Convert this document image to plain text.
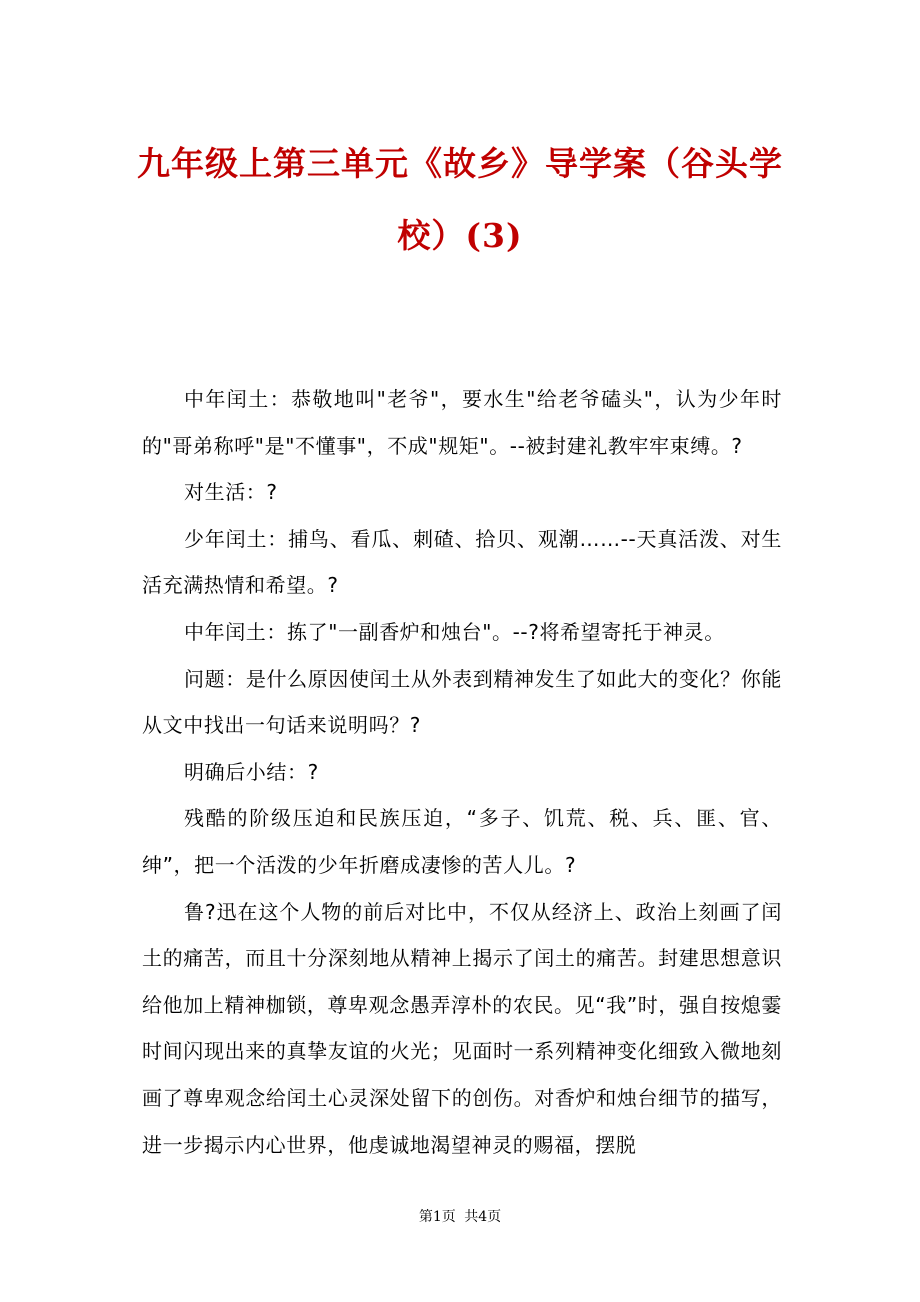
九年级上第三单元《故乡》导学案（谷头学校）(3)

中年闰土：恭敬地叫"老爷"，要水生"给老爷磕头"，认为少年时的"哥弟称呼"是"不懂事"，不成"规矩"。--被封建礼教牢牢束缚。?

对生活：?

少年闰土：捕鸟、看瓜、刺碴、拾贝、观潮……--天真活泼、对生活充满热情和希望。?

中年闰土：拣了"一副香炉和烛台"。--?将希望寄托于神灵。

问题：是什么原因使闰土从外表到精神发生了如此大的变化？你能从文中找出一句话来说明吗？?

明确后小结：?

残酷的阶级压迫和民族压迫，“多子、饥荒、税、兵、匪、官、绅”，把一个活泼的少年折磨成凄惨的苦人儿。?

鲁?迅在这个人物的前后对比中，不仅从经济上、政治上刻画了闰土的痛苦，而且十分深刻地从精神上揭示了闰土的痛苦。封建思想意识给他加上精神枷锁，尊卑观念愚弄淳朴的农民。见“我”时，强自按熄霎时间闪现出来的真挚友谊的火光；见面时一系列精神变化细致入微地刻画了尊卑观念给闰土心灵深处留下的创伤。对香炉和烛台细节的描写，进一步揭示内心世界，他虔诚地渴望神灵的赐福，摆脱

第1页 共4页
